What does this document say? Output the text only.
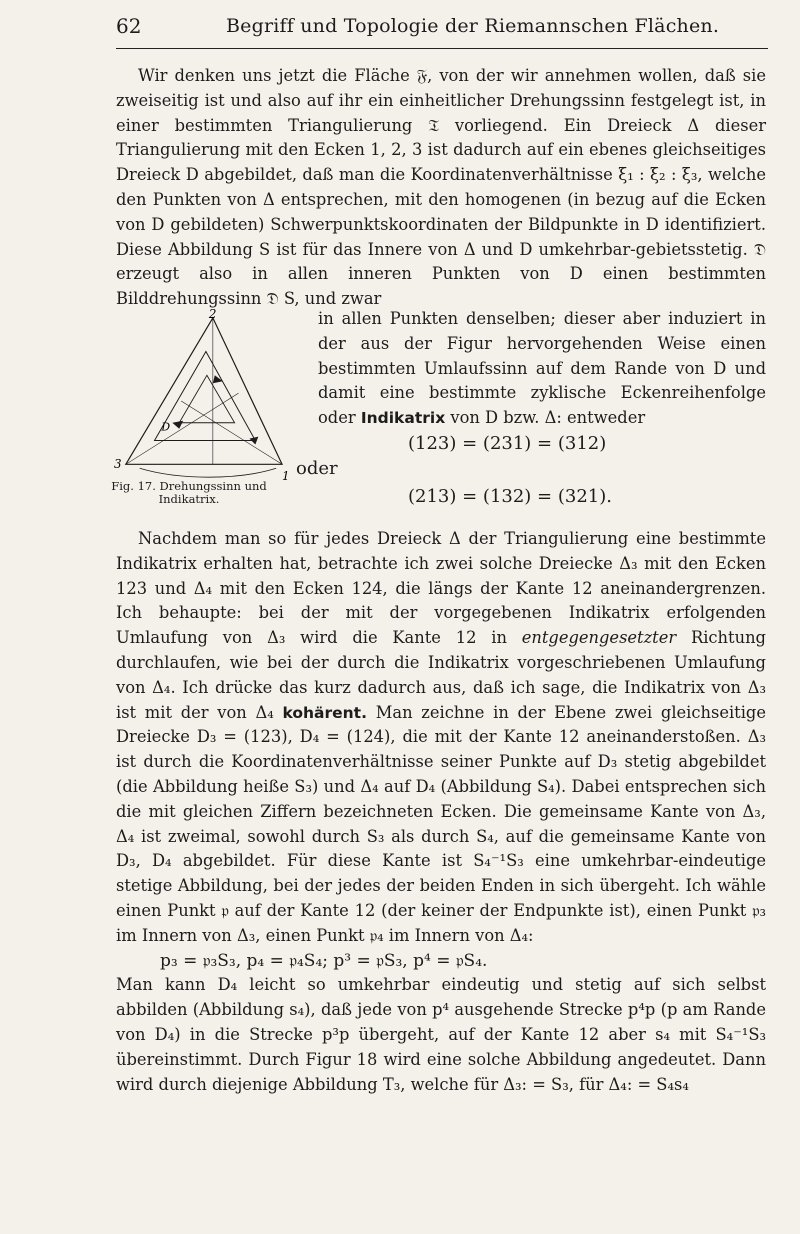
62	Begriff und Topologie der Riemannschen Flächen.

Wir denken uns jetzt die Fläche 𝔉, von der wir annehmen wollen, daß sie zweiseitig ist und also auf ihr ein einheitlicher Drehungssinn festgelegt ist, in einer bestimmten Triangulierung 𝔗 vorliegend. Ein Dreieck Δ dieser Triangulierung mit den Ecken 1, 2, 3 ist dadurch auf ein ebenes gleichseitiges Dreieck D abgebildet, daß man die Koordinatenverhältnisse ξ₁ : ξ₂ : ξ₃, welche den Punkten von Δ entsprechen, mit den homogenen (in bezug auf die Ecken von D gebildeten) Schwerpunktskoordinaten der Bildpunkte in D identifiziert. Diese Abbildung S ist für das Innere von Δ und D umkehrbar-gebietsstetig. 𝔇 erzeugt also in allen inneren Punkten von D einen bestimmten Bilddrehungssinn 𝔇 S, und zwar

2
3
1
D
Fig. 17. Drehungssinn und Indikatrix.
in allen Punkten denselben; dieser aber induziert in der aus der Figur hervorgehenden Weise einen bestimmten Umlaufssinn auf dem Rande von D und damit eine bestimmte zyklische Eckenreihenfolge oder Indikatrix von D bzw. Δ: entweder
(123) = (231) = (312)
oder
(213) = (132) = (321).

Nachdem man so für jedes Dreieck Δ der Triangulierung eine bestimmte Indikatrix erhalten hat, betrachte ich zwei solche Dreiecke Δ₃ mit den Ecken 123 und Δ₄ mit den Ecken 124, die längs der Kante 12 aneinandergrenzen. Ich behaupte: bei der mit der vorgegebenen Indikatrix erfolgenden Umlaufung von Δ₃ wird die Kante 12 in entgegengesetzter Richtung durchlaufen, wie bei der durch die Indikatrix vorgeschriebenen Umlaufung von Δ₄. Ich drücke das kurz dadurch aus, daß ich sage, die Indikatrix von Δ₃ ist mit der von Δ₄ kohärent. Man zeichne in der Ebene zwei gleichseitige Dreiecke D₃ = (123), D₄ = (124), die mit der Kante 12 aneinanderstoßen. Δ₃ ist durch die Koordinatenverhältnisse seiner Punkte auf D₃ stetig abgebildet (die Abbildung heiße S₃) und Δ₄ auf D₄ (Abbildung S₄). Dabei entsprechen sich die mit gleichen Ziffern bezeichneten Ecken. Die gemeinsame Kante von Δ₃, Δ₄ ist zweimal, sowohl durch S₃ als durch S₄, auf die gemeinsame Kante von D₃, D₄ abgebildet. Für diese Kante ist S₄⁻¹S₃ eine umkehrbar-eindeutige stetige Abbildung, bei der jedes der beiden Enden in sich übergeht. Ich wähle einen Punkt 𝔭 auf der Kante 12 (der keiner der Endpunkte ist), einen Punkt 𝔭₃ im Innern von Δ₃, einen Punkt 𝔭₄ im Innern von Δ₄:

p₃ = 𝔭₃S₃, p₄ = 𝔭₄S₄; p³ = 𝔭S₃, p⁴ = 𝔭S₄.

Man kann D₄ leicht so umkehrbar eindeutig und stetig auf sich selbst abbilden (Abbildung s₄), daß jede von p⁴ ausgehende Strecke p⁴p (p am Rande von D₄) in die Strecke p³p übergeht, auf der Kante 12 aber s₄ mit S₄⁻¹S₃ übereinstimmt. Durch Figur 18 wird eine solche Abbildung angedeutet. Dann wird durch diejenige Abbildung T₃, welche für Δ₃: = S₃, für Δ₄: = S₄s₄
